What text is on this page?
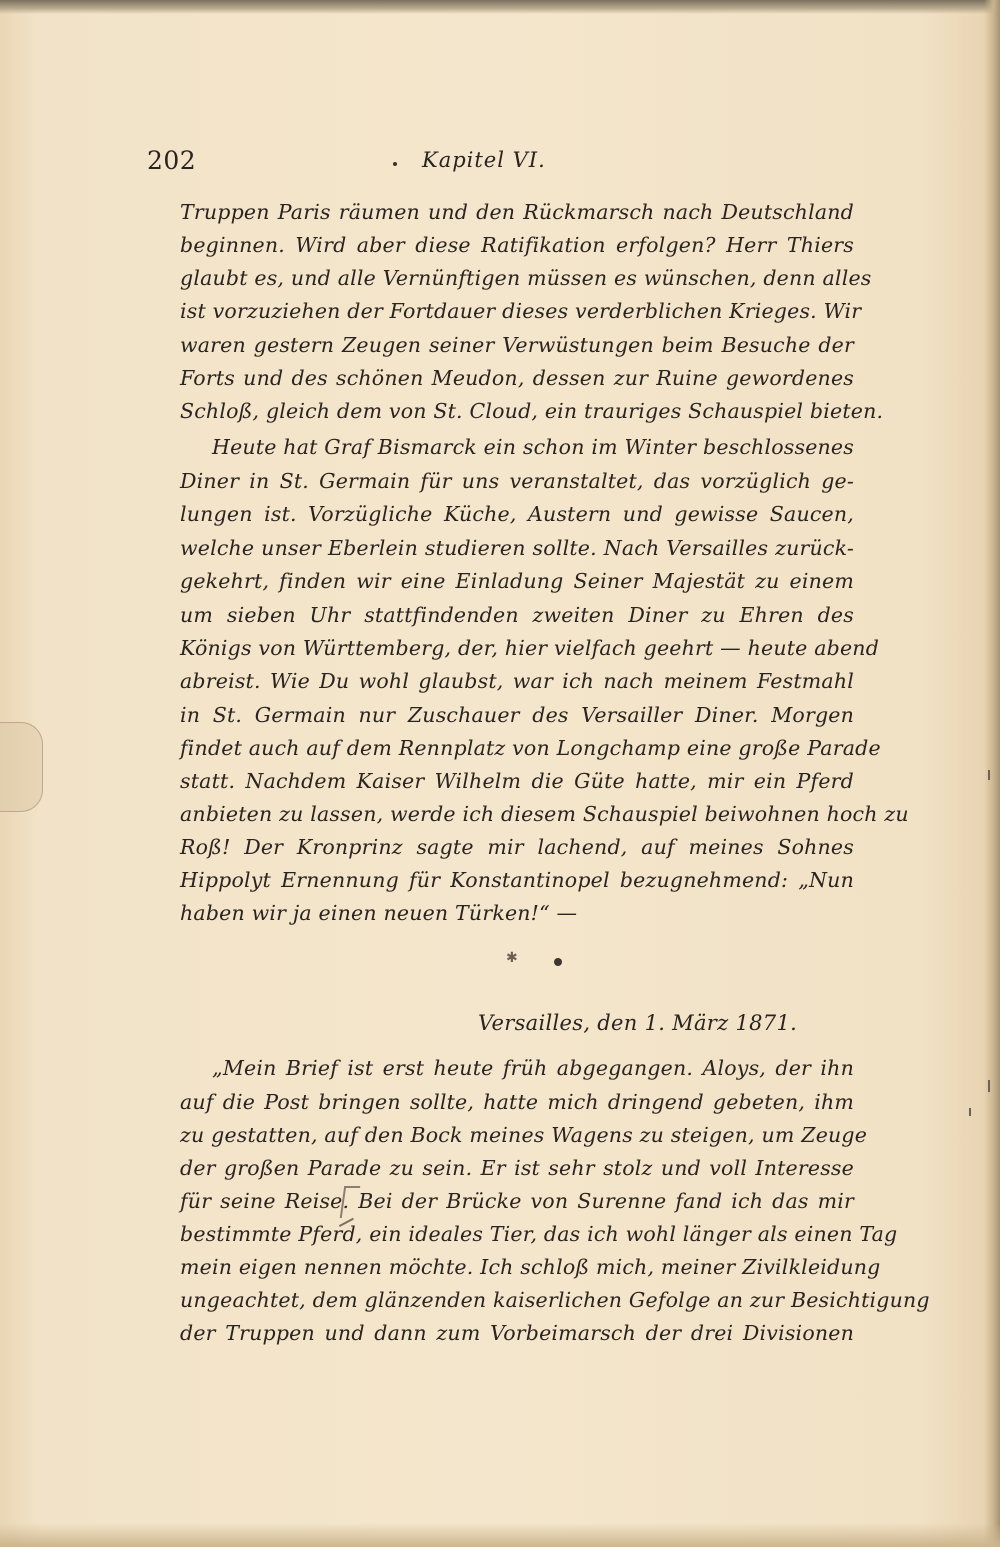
202	Kapitel VI.
Truppen Paris räumen und den Rückmarsch nach Deutschland
beginnen. Wird aber diese Ratifikation erfolgen? Herr Thiers
glaubt es, und alle Vernünftigen müssen es wünschen, denn alles
ist vorzuziehen der Fortdauer dieses verderblichen Krieges. Wir
waren gestern Zeugen seiner Verwüstungen beim Besuche der
Forts und des schönen Meudon, dessen zur Ruine gewordenes
Schloß, gleich dem von St. Cloud, ein trauriges Schauspiel bieten.
Heute hat Graf Bismarck ein schon im Winter beschlossenes
Diner in St. Germain für uns veranstaltet, das vorzüglich ge-
lungen ist. Vorzügliche Küche, Austern und gewisse Saucen,
welche unser Eberlein studieren sollte. Nach Versailles zurück-
gekehrt, finden wir eine Einladung Seiner Majestät zu einem
um sieben Uhr stattfindenden zweiten Diner zu Ehren des
Königs von Württemberg, der, hier vielfach geehrt — heute abend
abreist. Wie Du wohl glaubst, war ich nach meinem Festmahl
in St. Germain nur Zuschauer des Versailler Diner. Morgen
findet auch auf dem Rennplatz von Longchamp eine große Parade
statt. Nachdem Kaiser Wilhelm die Güte hatte, mir ein Pferd
anbieten zu lassen, werde ich diesem Schauspiel beiwohnen hoch zu
Roß! Der Kronprinz sagte mir lachend, auf meines Sohnes
Hippolyt Ernennung für Konstantinopel bezugnehmend: „Nun
haben wir ja einen neuen Türken!“ —
✱
Versailles, den 1. März 1871.
„Mein Brief ist erst heute früh abgegangen. Aloys, der ihn
auf die Post bringen sollte, hatte mich dringend gebeten, ihm
zu gestatten, auf den Bock meines Wagens zu steigen, um Zeuge
der großen Parade zu sein. Er ist sehr stolz und voll Interesse
für seine Reise. Bei der Brücke von Surenne fand ich das mir
bestimmte Pferd, ein ideales Tier, das ich wohl länger als einen Tag
mein eigen nennen möchte. Ich schloß mich, meiner Zivilkleidung
ungeachtet, dem glänzenden kaiserlichen Gefolge an zur Besichtigung
der Truppen und dann zum Vorbeimarsch der drei Divisionen
